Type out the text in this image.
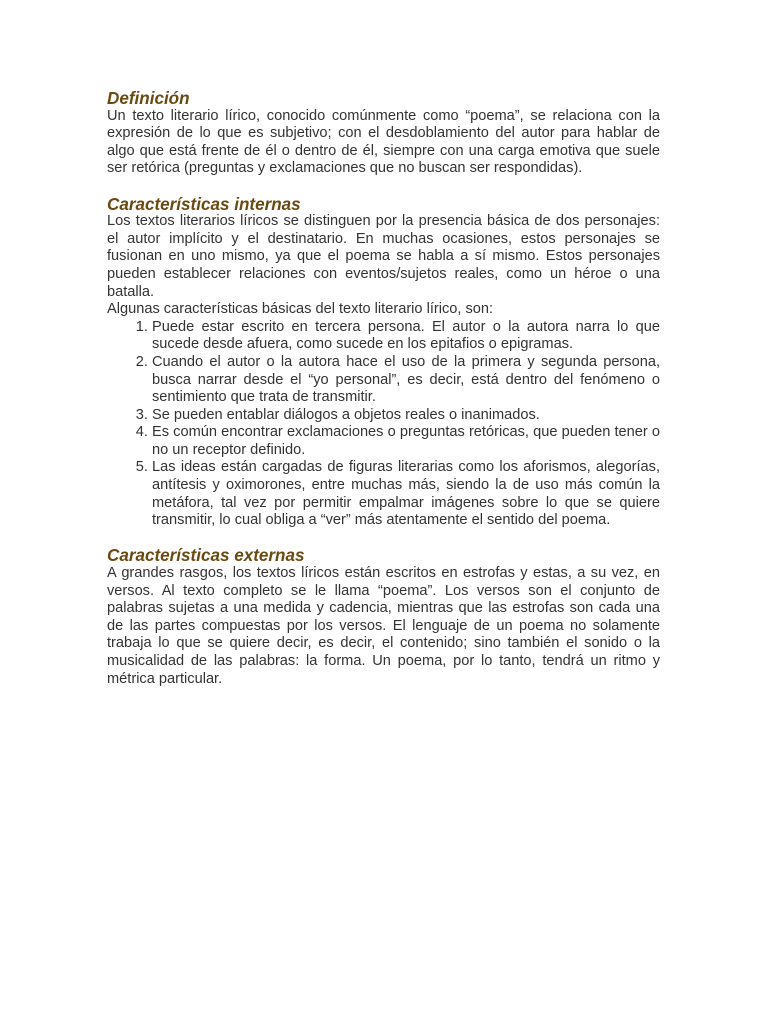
Definición

Un texto literario lírico, conocido comúnmente como “poema”, se relaciona con la expresión de lo que es subjetivo; con el desdoblamiento del autor para hablar de algo que está frente de él o dentro de él, siempre con una carga emotiva que suele ser retórica (preguntas y exclamaciones que no buscan ser respondidas).

Características internas

Los textos literarios líricos se distinguen por la presencia básica de dos personajes: el autor implícito y el destinatario. En muchas ocasiones, estos personajes se fusionan en uno mismo, ya que el poema se habla a sí mismo. Estos personajes pueden establecer relaciones con eventos/sujetos reales, como un héroe o una batalla.

Algunas características básicas del texto literario lírico, son:

1. Puede estar escrito en tercera persona. El autor o la autora narra lo que sucede desde afuera, como sucede en los epitafios o epigramas.
2. Cuando el autor o la autora hace el uso de la primera y segunda persona, busca narrar desde el “yo personal”, es decir, está dentro del fenómeno o sentimiento que trata de transmitir.
3. Se pueden entablar diálogos a objetos reales o inanimados.
4. Es común encontrar exclamaciones o preguntas retóricas, que pueden tener o no un receptor definido.
5. Las ideas están cargadas de figuras literarias como los aforismos, alegorías, antítesis y oximorones, entre muchas más, siendo la de uso más común la metáfora, tal vez por permitir empalmar imágenes sobre lo que se quiere transmitir, lo cual obliga a “ver” más atentamente el sentido del poema.
Características externas

A grandes rasgos, los textos líricos están escritos en estrofas y estas, a su vez, en versos. Al texto completo se le llama “poema”. Los versos son el conjunto de palabras sujetas a una medida y cadencia, mientras que las estrofas son cada una de las partes compuestas por los versos. El lenguaje de un poema no solamente trabaja lo que se quiere decir, es decir, el contenido; sino también el sonido o la musicalidad de las palabras: la forma. Un poema, por lo tanto, tendrá un ritmo y métrica particular.
